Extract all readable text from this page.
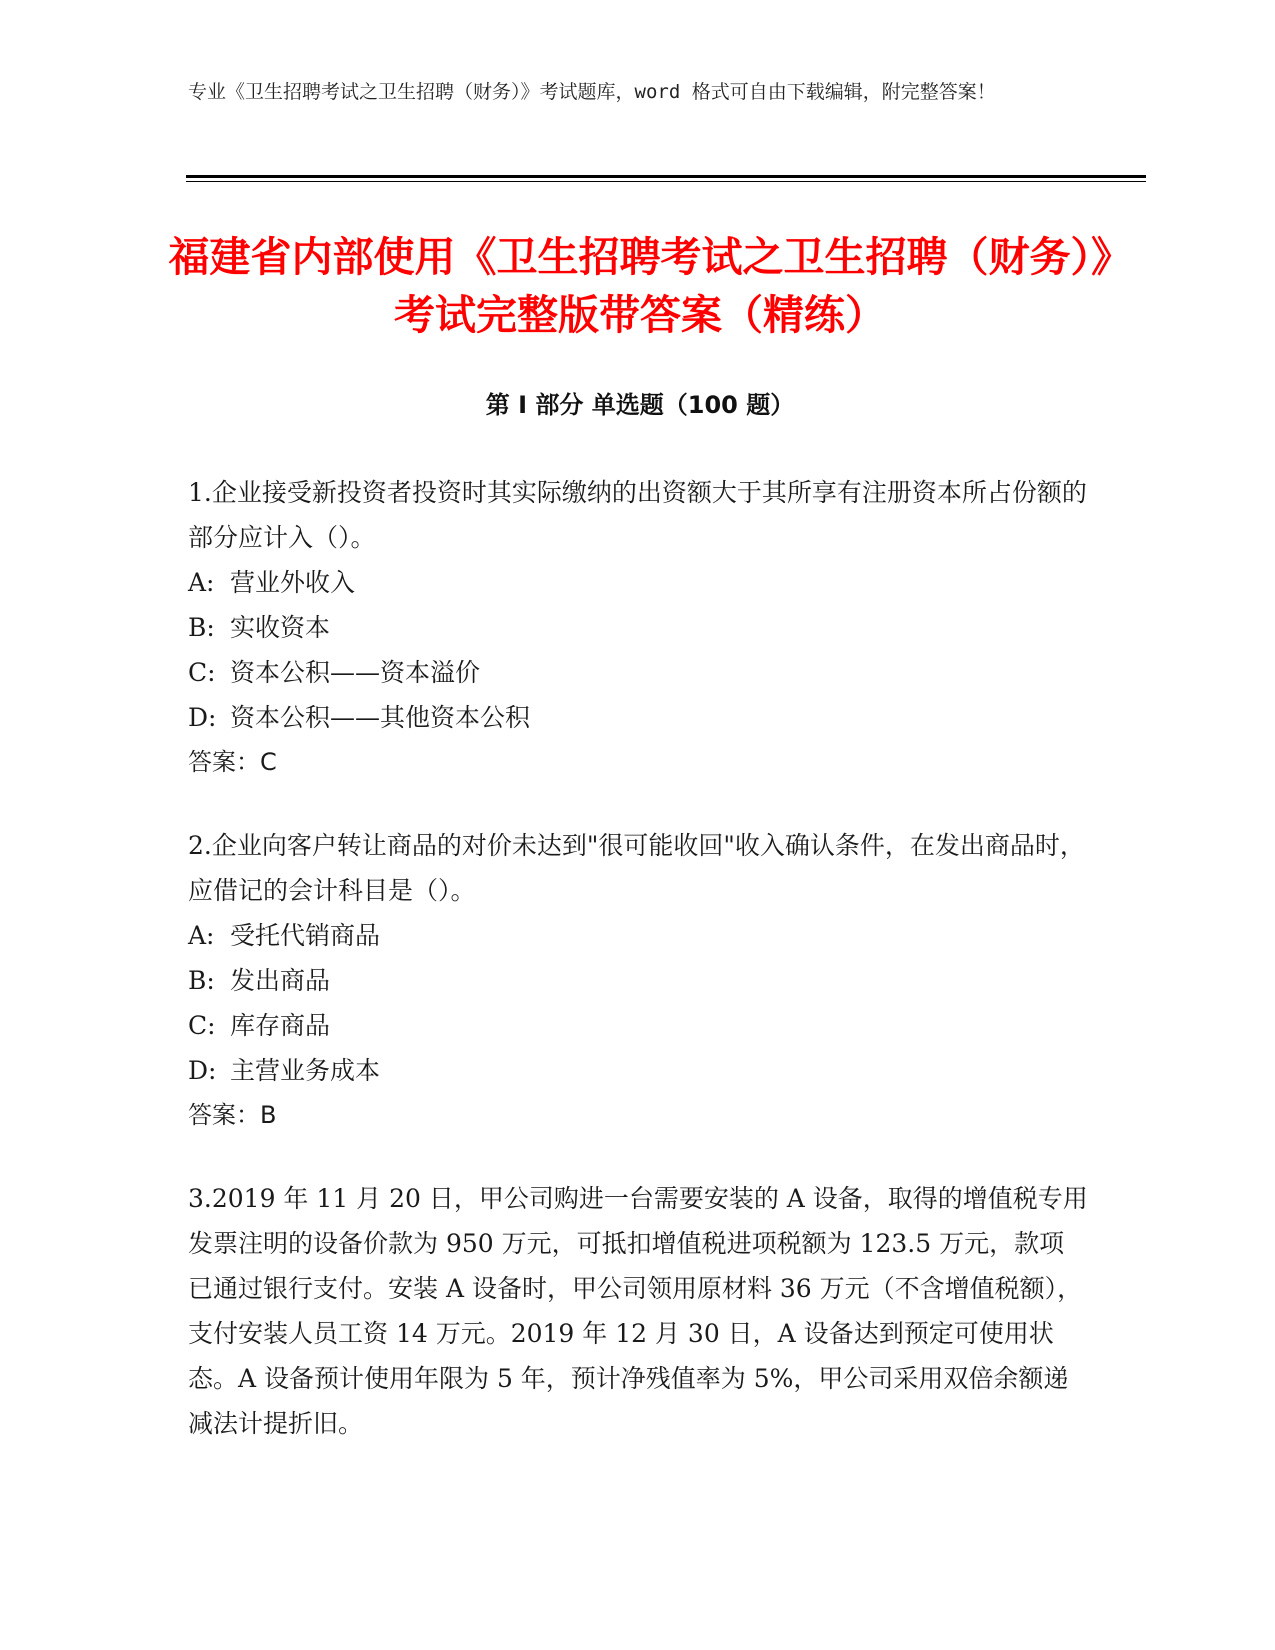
专业《卫生招聘考试之卫生招聘（财务）》考试题库，word 格式可自由下载编辑，附完整答案！
福建省内部使用《卫生招聘考试之卫生招聘（财务）》考试完整版带答案（精练）
第 I 部分 单选题（100 题）
1.企业接受新投资者投资时其实际缴纳的出资额大于其所享有注册资本所占份额的部分应计入（）。
A: 营业外收入
B: 实收资本
C: 资本公积——资本溢价
D: 资本公积——其他资本公积
答案：C
2.企业向客户转让商品的对价未达到"很可能收回"收入确认条件，在发出商品时，应借记的会计科目是（）。
A: 受托代销商品
B: 发出商品
C: 库存商品
D: 主营业务成本
答案：B
3.2019 年 11 月 20 日，甲公司购进一台需要安装的 A 设备，取得的增值税专用发票注明的设备价款为 950 万元，可抵扣增值税进项税额为 123.5 万元，款项已通过银行支付。安装 A 设备时，甲公司领用原材料 36 万元（不含增值税额），支付安装人员工资 14 万元。2019 年 12 月 30 日，A 设备达到预定可使用状态。A 设备预计使用年限为 5 年，预计净残值率为 5%，甲公司采用双倍余额递减法计提折旧。
